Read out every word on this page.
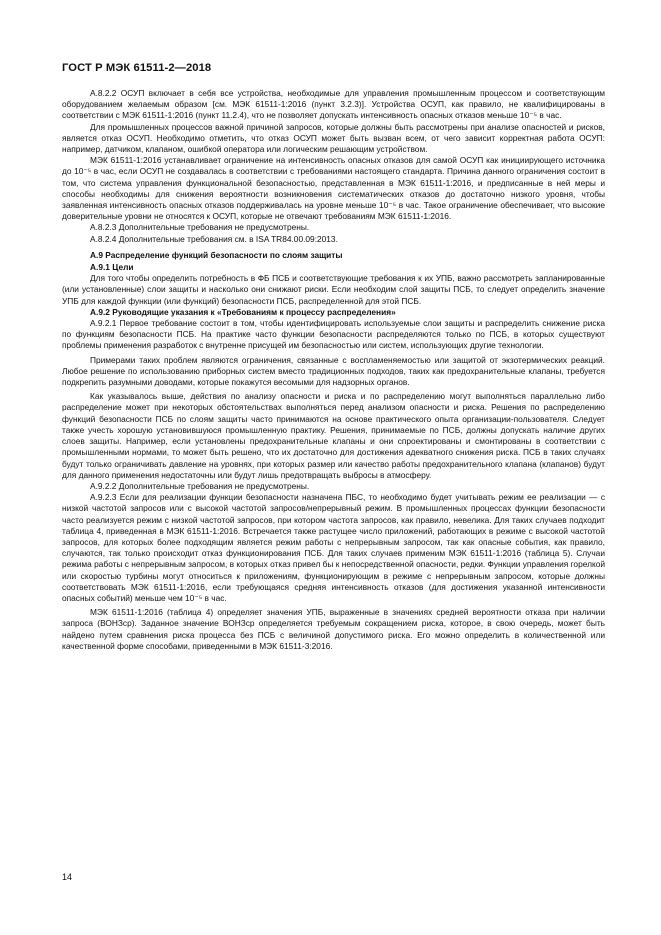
ГОСТ Р МЭК 61511-2—2018

А.8.2.2 ОСУП включает в себя все устройства, необходимые для управления промышленным процессом и соответствующим оборудованием желаемым образом [см. МЭК 61511-1:2016 (пункт 3.2.3)]. Устройства ОСУП, как правило, не квалифицированы в соответствии с МЭК 61511-1:2016 (пункт 11.2.4), что не позволяет допускать интенсивность опасных отказов меньше 10⁻⁵ в час.

Для промышленных процессов важной причиной запросов, которые должны быть рассмотрены при анализе опасностей и рисков, является отказ ОСУП. Необходимо отметить, что отказ ОСУП может быть вызван всем, от чего зависит корректная работа ОСУП: например, датчиком, клапаном, ошибкой оператора или логическим решающим устройством.

МЭК 61511-1:2016 устанавливает ограничение на интенсивность опасных отказов для самой ОСУП как инициирующего источника до 10⁻⁵ в час, если ОСУП не создавалась в соответствии с требованиями настоящего стандарта. Причина данного ограничения состоит в том, что система управления функциональной безопасностью, представленная в МЭК 61511-1:2016, и предписанные в ней меры и способы необходимы для снижения вероятности возникновения систематических отказов до достаточно низкого уровня, чтобы заявленная интенсивность опасных отказов поддерживалась на уровне меньше 10⁻⁵ в час. Такое ограничение обеспечивает, что высокие доверительные уровни не относятся к ОСУП, которые не отвечают требованиям МЭК 61511-1:2016.

А.8.2.3 Дополнительные требования не предусмотрены.

А.8.2.4 Дополнительные требования см. в ISA TR84.00.09:2013.

А.9 Распределение функций безопасности по слоям защиты

А.9.1 Цели

Для того чтобы определить потребность в ФБ ПСБ и соответствующие требования к их УПБ, важно рассмотреть запланированные (или установленные) слои защиты и насколько они снижают риски. Если необходим слой защиты ПСБ, то следует определить значение УПБ для каждой функции (или функций) безопасности ПСБ, распределенной для этой ПСБ.

А.9.2 Руководящие указания к «Требованиям к процессу распределения»

А.9.2.1 Первое требование состоит в том, чтобы идентифицировать используемые слои защиты и распределить снижение риска по функциям безопасности ПСБ. На практике часто функции безопасности распределяются только по ПСБ, в которых существуют проблемы применения разработок с внутренне присущей им безопасностью или систем, использующих другие технологии.

Примерами таких проблем являются ограничения, связанные с воспламеняемостью или защитой от экзотермических реакций. Любое решение по использованию приборных систем вместо традиционных подходов, таких как предохранительные клапаны, требуется подкрепить разумными доводами, которые покажутся весомыми для надзорных органов.

Как указывалось выше, действия по анализу опасности и риска и по распределению могут выполняться параллельно либо распределение может при некоторых обстоятельствах выполняться перед анализом опасности и риска. Решения по распределению функций безопасности ПСБ по слоям защиты часто принимаются на основе практического опыта организации-пользователя. Следует также учесть хорошую установившуюся промышленную практику. Решения, принимаемые по ПСБ, должны допускать наличие других слоев защиты. Например, если установлены предохранительные клапаны и они спроектированы и смонтированы в соответствии с промышленными нормами, то может быть решено, что их достаточно для достижения адекватного снижения риска. ПСБ в таких случаях будут только ограничивать давление на уровнях, при которых размер или качество работы предохранительного клапана (клапанов) будут для данного применения недостаточны или будут лишь предотвращать выбросы в атмосферу.

А.9.2.2 Дополнительные требования не предусмотрены.

А.9.2.3 Если для реализации функции безопасности назначена ПБС, то необходимо будет учитывать режим ее реализации — с низкой частотой запросов или с высокой частотой запросов/непрерывный режим. В промышленных процессах функции безопасности часто реализуется режим с низкой частотой запросов, при котором частота запросов, как правило, невелика. Для таких случаев подходит таблица 4, приведенная в МЭК 61511-1:2016. Встречается также растущее число приложений, работающих в режиме с высокой частотой запросов, для которых более подходящим является режим работы с непрерывным запросом, так как опасные события, как правило, случаются, так только происходит отказ функционирования ПСБ. Для таких случаев применим МЭК 61511-1:2016 (таблица 5). Случаи режима работы с непрерывным запросом, в которых отказ привел бы к непосредственной опасности, редки. Функции управления горелкой или скоростью турбины могут относиться к приложениям, функционирующим в режиме с непрерывным запросом, которые должны соответствовать МЭК 61511-1:2016, если требующаяся средняя интенсивность отказов (для достижения указанной интенсивности опасных событий) меньше чем 10⁻⁵ в час.

МЭК 61511-1:2016 (таблица 4) определяет значения УПБ, выраженные в значениях средней вероятности отказа при наличии запроса (ВОНЗср). Заданное значение ВОНЗср определяется требуемым сокращением риска, которое, в свою очередь, может быть найдено путем сравнения риска процесса без ПСБ с величиной допустимого риска. Его можно определить в количественной или качественной форме способами, приведенными в МЭК 61511-3:2016.

14
